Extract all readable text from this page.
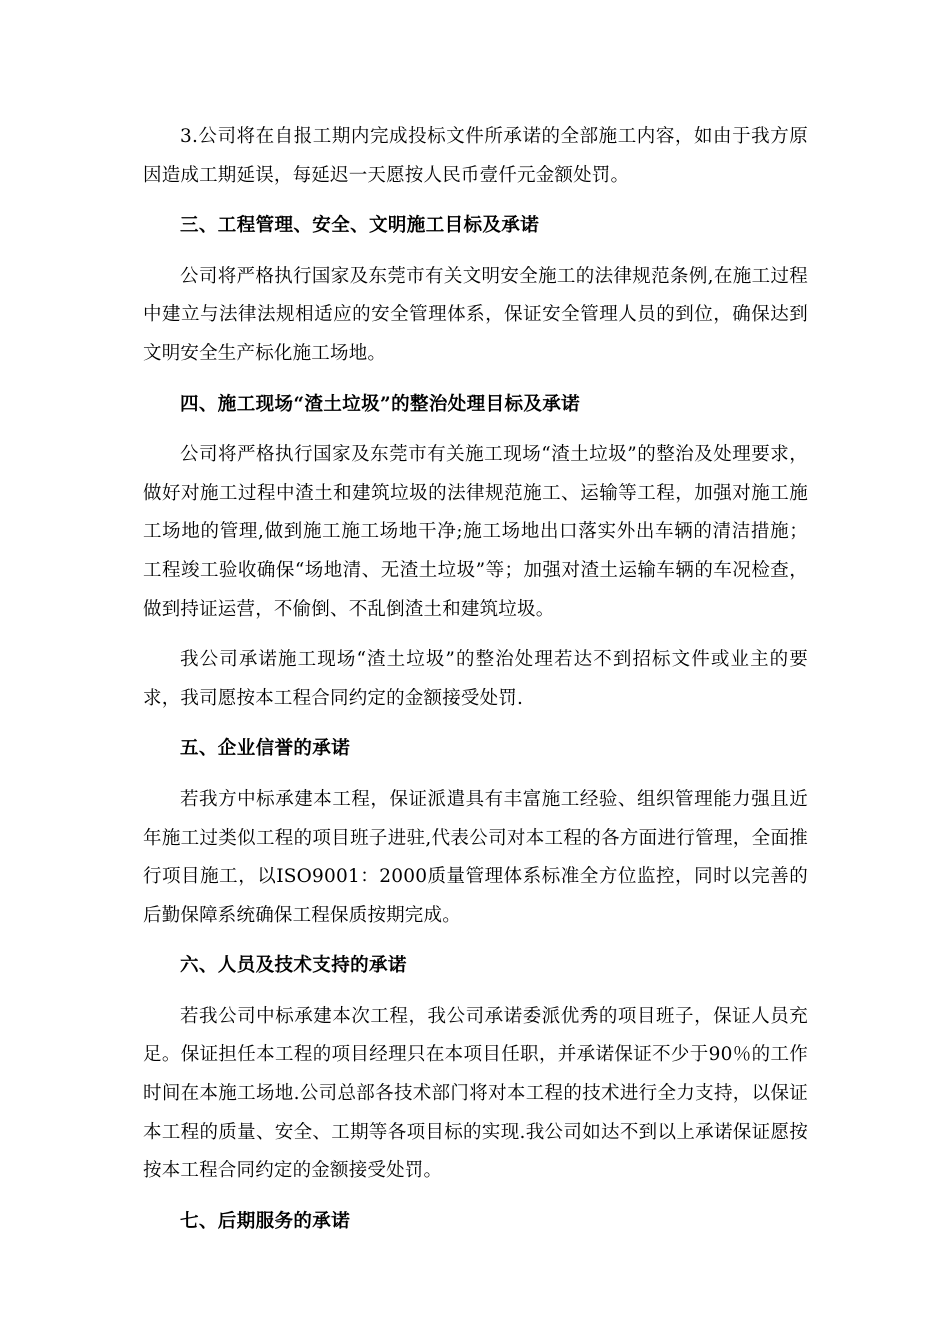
3.公司将在自报工期内完成投标文件所承诺的全部施工内容，如由于我方原因造成工期延误，每延迟一天愿按人民币壹仟元金额处罚。

三、工程管理、安全、文明施工目标及承诺

公司将严格执行国家及东莞市有关文明安全施工的法律规范条例,在施工过程中建立与法律法规相适应的安全管理体系，保证安全管理人员的到位，确保达到文明安全生产标化施工场地。

四、施工现场“渣土垃圾”的整治处理目标及承诺

公司将严格执行国家及东莞市有关施工现场“渣土垃圾”的整治及处理要求，做好对施工过程中渣土和建筑垃圾的法律规范施工、运输等工程，加强对施工施工场地的管理,做到施工施工场地干净;施工场地出口落实外出车辆的清洁措施；工程竣工验收确保“场地清、无渣土垃圾”等；加强对渣土运输车辆的车况检查，做到持证运营，不偷倒、不乱倒渣土和建筑垃圾。

我公司承诺施工现场“渣土垃圾”的整治处理若达不到招标文件或业主的要求，我司愿按本工程合同约定的金额接受处罚.

五、企业信誉的承诺

若我方中标承建本工程，保证派遣具有丰富施工经验、组织管理能力强且近年施工过类似工程的项目班子进驻,代表公司对本工程的各方面进行管理，全面推行项目施工，以ISO9001：2000质量管理体系标准全方位监控，同时以完善的后勤保障系统确保工程保质按期完成。

六、人员及技术支持的承诺

若我公司中标承建本次工程，我公司承诺委派优秀的项目班子，保证人员充足。保证担任本工程的项目经理只在本项目任职，并承诺保证不少于90％的工作时间在本施工场地.公司总部各技术部门将对本工程的技术进行全力支持，以保证本工程的质量、安全、工期等各项目标的实现.我公司如达不到以上承诺保证愿按按本工程合同约定的金额接受处罚。

七、后期服务的承诺
